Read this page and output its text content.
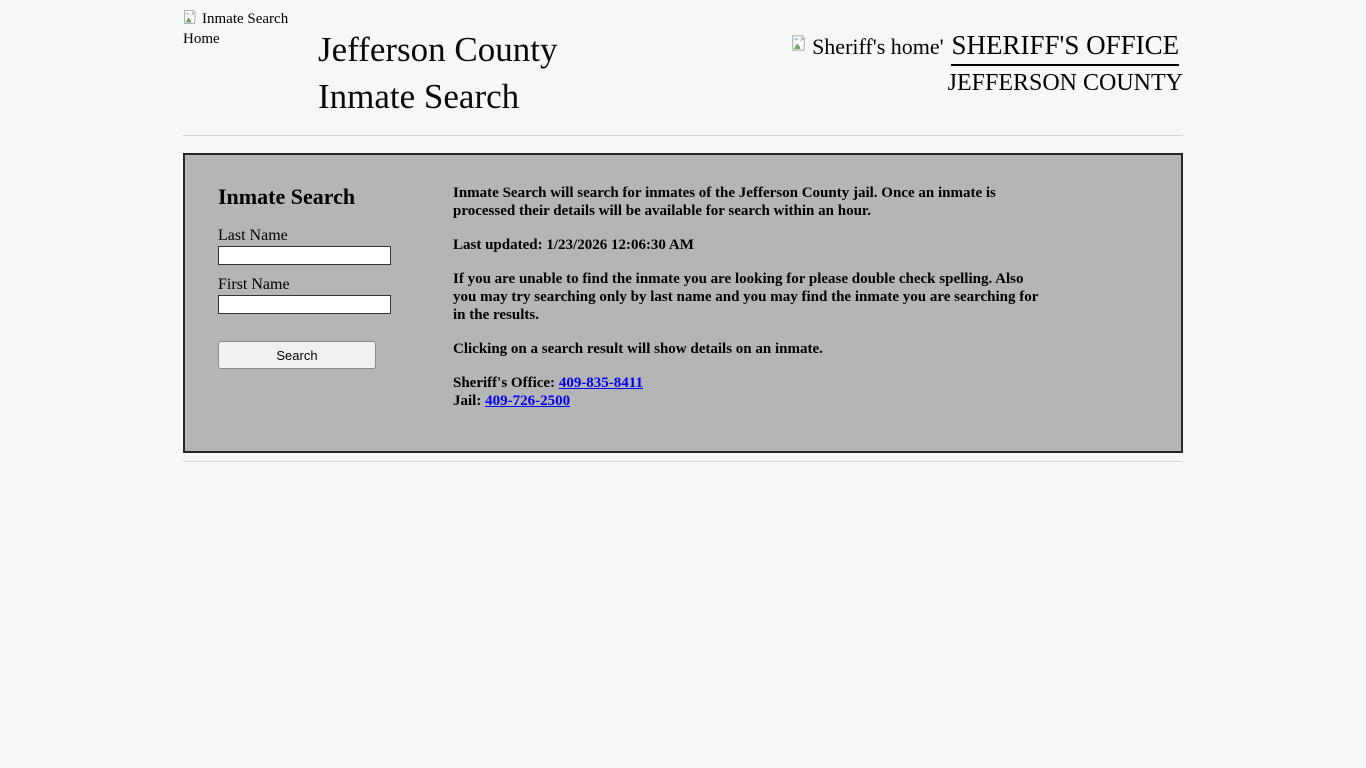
Inmate Search Home	Jefferson County
Inmate Search
Sheriff's home' SHERIFF'S OFFICE
JEFFERSON COUNTY
Inmate Search
Last Name
First Name
Search

Inmate Search will search for inmates of the Jefferson County jail. Once an inmate is processed their details will be available for search within an hour.

Last updated: 1/23/2026 12:06:30 AM

If you are unable to find the inmate you are looking for please double check spelling. Also you may try searching only by last name and you may find the inmate you are searching for in the results.

Clicking on a search result will show details on an inmate.

Sheriff's Office: 409-835-8411
Jail: 409-726-2500
